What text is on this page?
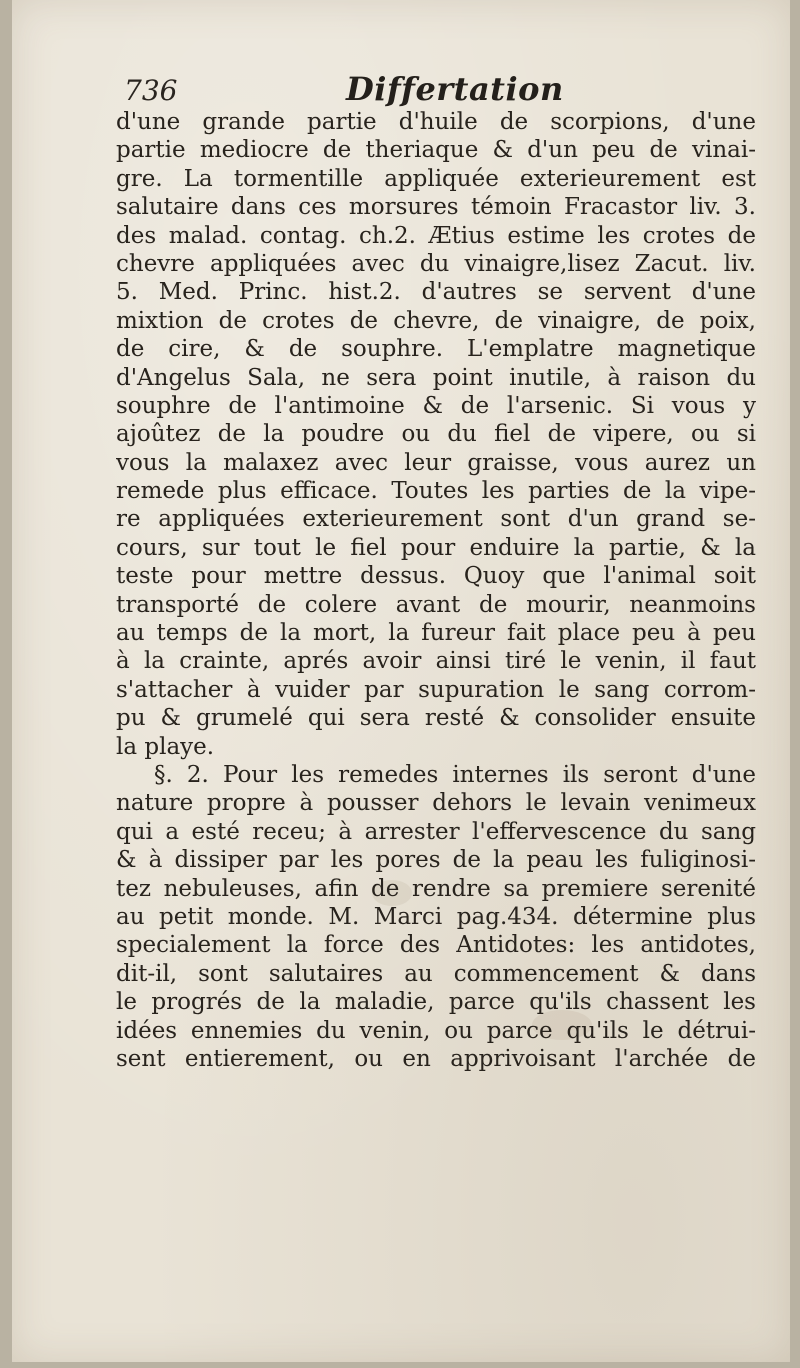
736	Differtation
d'une grande partie d'huile de scorpions, d'une
partie mediocre de theriaque & d'un peu de vinai-
gre. La tormentille appliquée exterieurement est
salutaire dans ces morsures témoin Fracastor liv. 3.
des malad. contag. ch.2. Ætius estime les crotes de
chevre appliquées avec du vinaigre,lisez Zacut. liv.
5. Med. Princ. hist.2. d'autres se servent d'une
mixtion de crotes de chevre, de vinaigre, de poix,
de cire, & de souphre. L'emplatre magnetique
d'Angelus Sala, ne sera point inutile, à raison du
souphre de l'antimoine & de l'arsenic. Si vous y
ajoûtez de la poudre ou du fiel de vipere, ou si
vous la malaxez avec leur graisse, vous aurez un
remede plus efficace. Toutes les parties de la vipe-
re appliquées exterieurement sont d'un grand se-
cours, sur tout le fiel pour enduire la partie, & la
teste pour mettre dessus. Quoy que l'animal soit
transporté de colere avant de mourir, neanmoins
au temps de la mort, la fureur fait place peu à peu
à la crainte, aprés avoir ainsi tiré le venin, il faut
s'attacher à vuider par supuration le sang corrom-
pu & grumelé qui sera resté & consolider ensuite
la playe.
§. 2. Pour les remedes internes ils seront d'une
nature propre à pousser dehors le levain venimeux
qui a esté receu; à arrester l'effervescence du sang
& à dissiper par les pores de la peau les fuliginosi-
tez nebuleuses, afin de rendre sa premiere serenité
au petit monde. M. Marci pag.434. détermine plus
specialement la force des Antidotes: les antidotes,
dit-il, sont salutaires au commencement & dans
le progrés de la maladie, parce qu'ils chassent les
idées ennemies du venin, ou parce qu'ils le détrui-
sent entierement, ou en apprivoisant l'archée de
